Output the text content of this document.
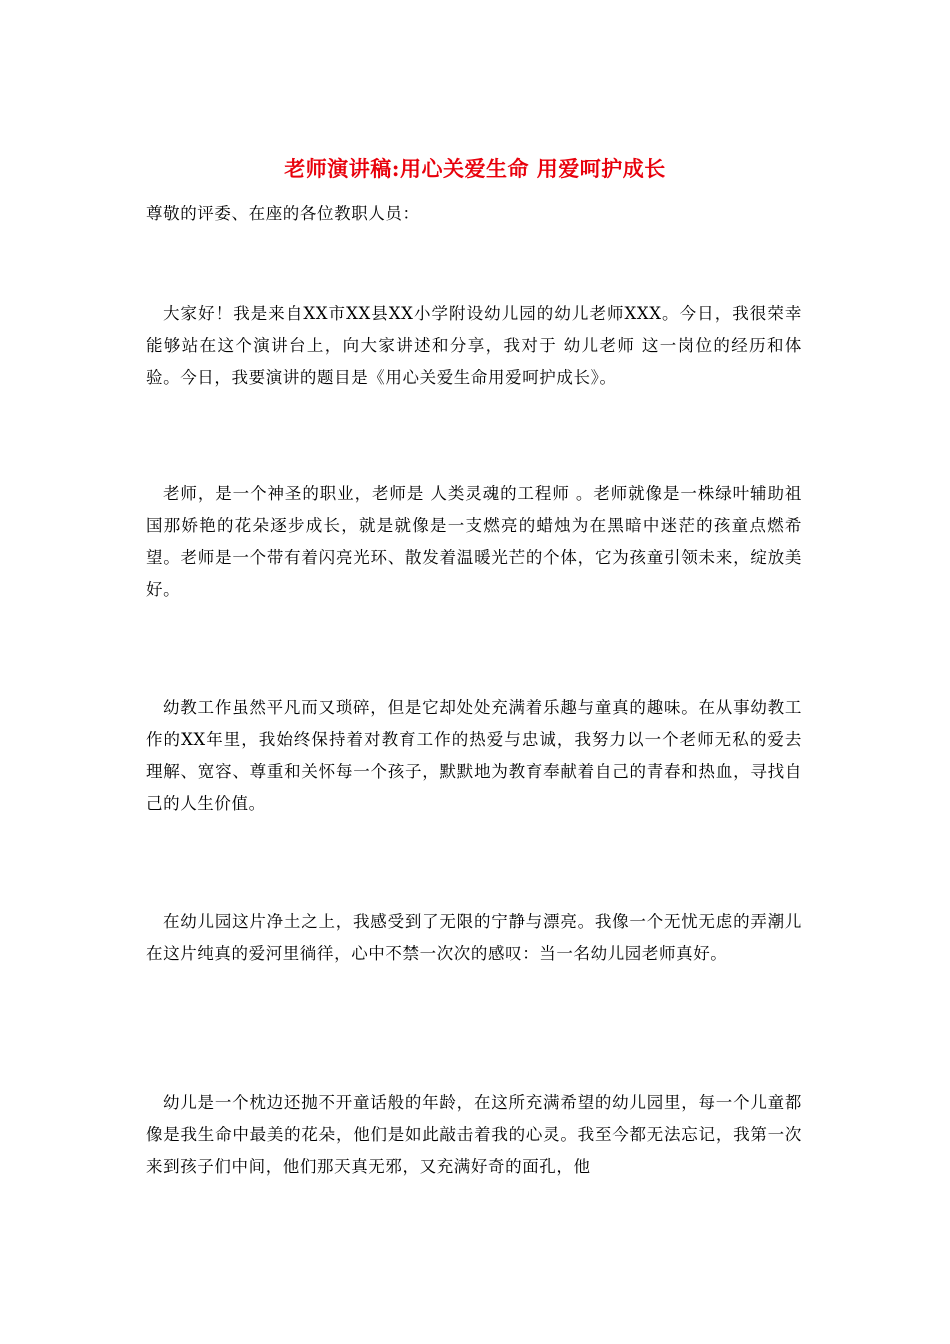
老师演讲稿:用心关爱生命 用爱呵护成长
尊敬的评委、在座的各位教职人员：
大家好！我是来自XX市XX县XX小学附设幼儿园的幼儿老师XXX。今日，我很荣幸能够站在这个演讲台上，向大家讲述和分享，我对于 幼儿老师 这一岗位的经历和体验。今日，我要演讲的题目是《用心关爱生命用爱呵护成长》。
老师，是一个神圣的职业，老师是 人类灵魂的工程师 。老师就像是一株绿叶辅助祖国那娇艳的花朵逐步成长，就是就像是一支燃亮的蜡烛为在黑暗中迷茫的孩童点燃希望。老师是一个带有着闪亮光环、散发着温暖光芒的个体，它为孩童引领未来，绽放美好。
幼教工作虽然平凡而又琐碎，但是它却处处充满着乐趣与童真的趣味。在从事幼教工作的XX年里，我始终保持着对教育工作的热爱与忠诚，我努力以一个老师无私的爱去理解、宽容、尊重和关怀每一个孩子，默默地为教育奉献着自己的青春和热血，寻找自己的人生价值。
在幼儿园这片净土之上，我感受到了无限的宁静与漂亮。我像一个无忧无虑的弄潮儿在这片纯真的爱河里徜徉，心中不禁一次次的感叹：当一名幼儿园老师真好。
幼儿是一个枕边还抛不开童话般的年龄，在这所充满希望的幼儿园里，每一个儿童都像是我生命中最美的花朵，他们是如此敲击着我的心灵。我至今都无法忘记，我第一次来到孩子们中间，他们那天真无邪，又充满好奇的面孔，他
